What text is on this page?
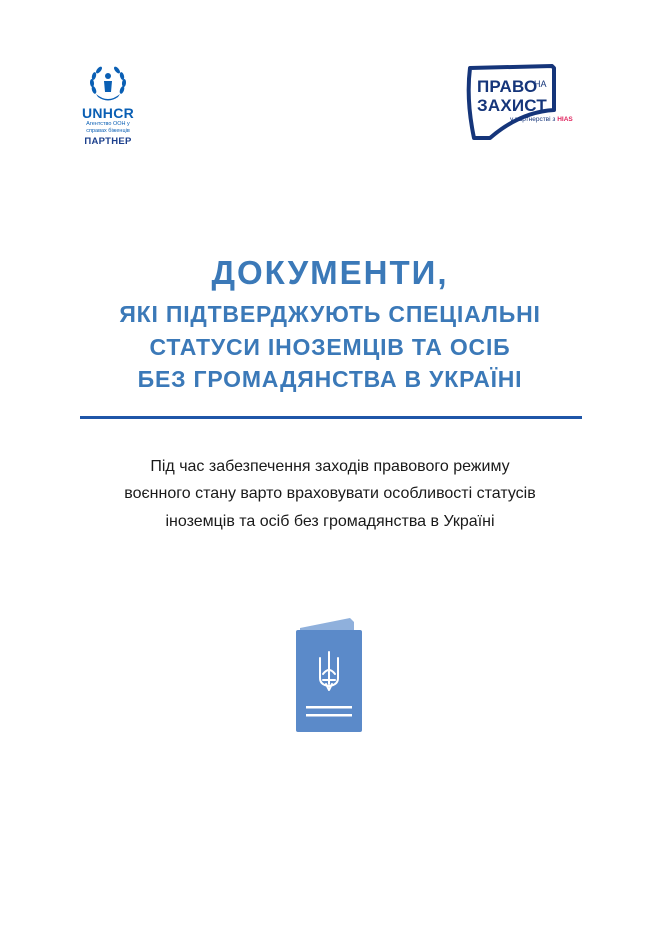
UNHCR
Агентство ООН у
справах біженців
ПАРТНЕР
ПРАВО
НА
ЗАХИСТ
у партнерстві з HIAS
ДОКУМЕНТИ,
ЯКІ ПІДТВЕРДЖУЮТЬ СПЕЦІАЛЬНІ
СТАТУСИ ІНОЗЕМЦІВ ТА ОСІБ
БЕЗ ГРОМАДЯНСТВА В УКРАЇНІ
Під час забезпечення заходів правового режиму
воєнного стану варто враховувати особливості статусів
іноземців та осіб без громадянства в Україні
